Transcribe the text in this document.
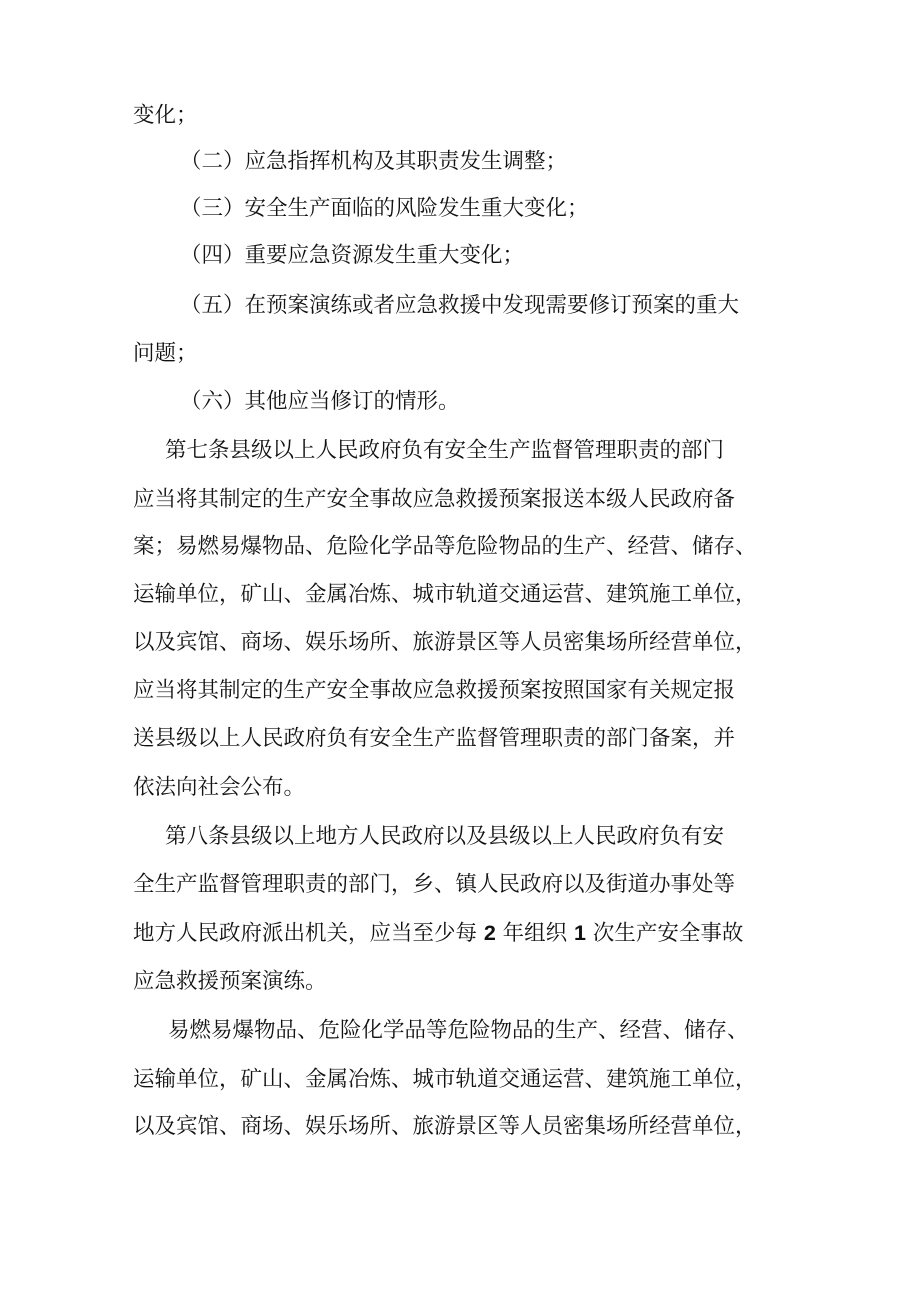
变化；
（二）应急指挥机构及其职责发生调整；
（三）安全生产面临的风险发生重大变化；
（四）重要应急资源发生重大变化；
（五）在预案演练或者应急救援中发现需要修订预案的重大
问题；
（六）其他应当修订的情形。
第七条县级以上人民政府负有安全生产监督管理职责的部门
应当将其制定的生产安全事故应急救援预案报送本级人民政府备
案；易燃易爆物品、危险化学品等危险物品的生产、经营、储存、
运输单位，矿山、金属冶炼、城市轨道交通运营、建筑施工单位，
以及宾馆、商场、娱乐场所、旅游景区等人员密集场所经营单位，
应当将其制定的生产安全事故应急救援预案按照国家有关规定报
送县级以上人民政府负有安全生产监督管理职责的部门备案，并
依法向社会公布。
第八条县级以上地方人民政府以及县级以上人民政府负有安
全生产监督管理职责的部门，乡、镇人民政府以及街道办事处等
地方人民政府派出机关，应当至少每 2 年组织 1 次生产安全事故
应急救援预案演练。
易燃易爆物品、危险化学品等危险物品的生产、经营、储存、
运输单位，矿山、金属冶炼、城市轨道交通运营、建筑施工单位，
以及宾馆、商场、娱乐场所、旅游景区等人员密集场所经营单位，
